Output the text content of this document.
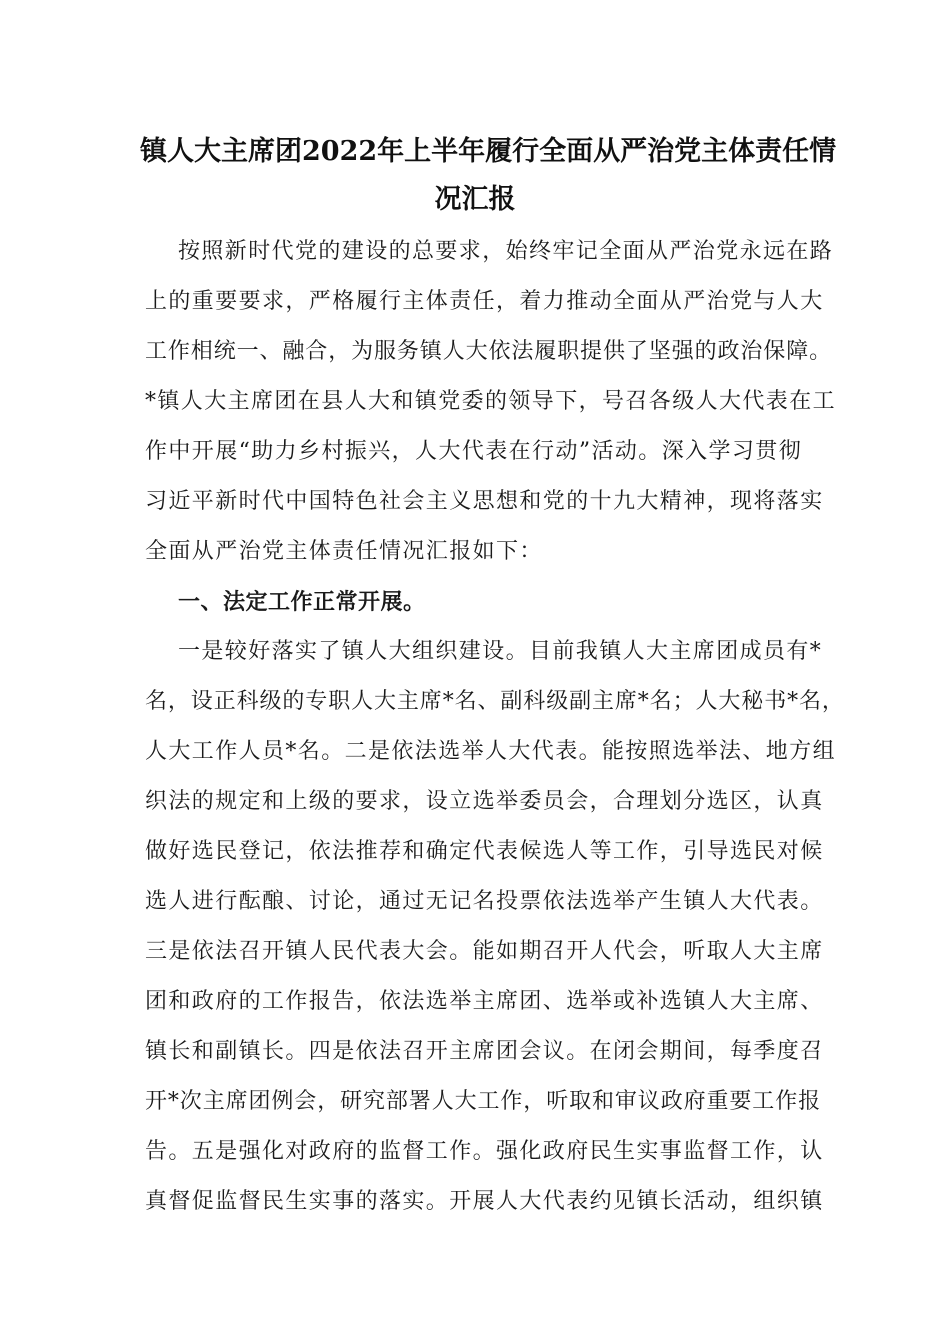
镇人大主席团2022年上半年履行全面从严治党主体责任情
况汇报
按照新时代党的建设的总要求，始终牢记全面从严治党永远在路
上的重要要求，严格履行主体责任，着力推动全面从严治党与人大
工作相统一、融合，为服务镇人大依法履职提供了坚强的政治保障。
*镇人大主席团在县人大和镇党委的领导下，号召各级人大代表在工
作中开展“助力乡村振兴，人大代表在行动”活动。深入学习贯彻
习近平新时代中国特色社会主义思想和党的十九大精神，现将落实
全面从严治党主体责任情况汇报如下：
一、法定工作正常开展。
一是较好落实了镇人大组织建设。目前我镇人大主席团成员有*
名，设正科级的专职人大主席*名、副科级副主席*名；人大秘书*名，
人大工作人员*名。二是依法选举人大代表。能按照选举法、地方组
织法的规定和上级的要求，设立选举委员会，合理划分选区，认真
做好选民登记，依法推荐和确定代表候选人等工作，引导选民对候
选人进行酝酿、讨论，通过无记名投票依法选举产生镇人大代表。
三是依法召开镇人民代表大会。能如期召开人代会，听取人大主席
团和政府的工作报告，依法选举主席团、选举或补选镇人大主席、
镇长和副镇长。四是依法召开主席团会议。在闭会期间，每季度召
开*次主席团例会，研究部署人大工作，听取和审议政府重要工作报
告。五是强化对政府的监督工作。强化政府民生实事监督工作，认
真督促监督民生实事的落实。开展人大代表约见镇长活动，组织镇
